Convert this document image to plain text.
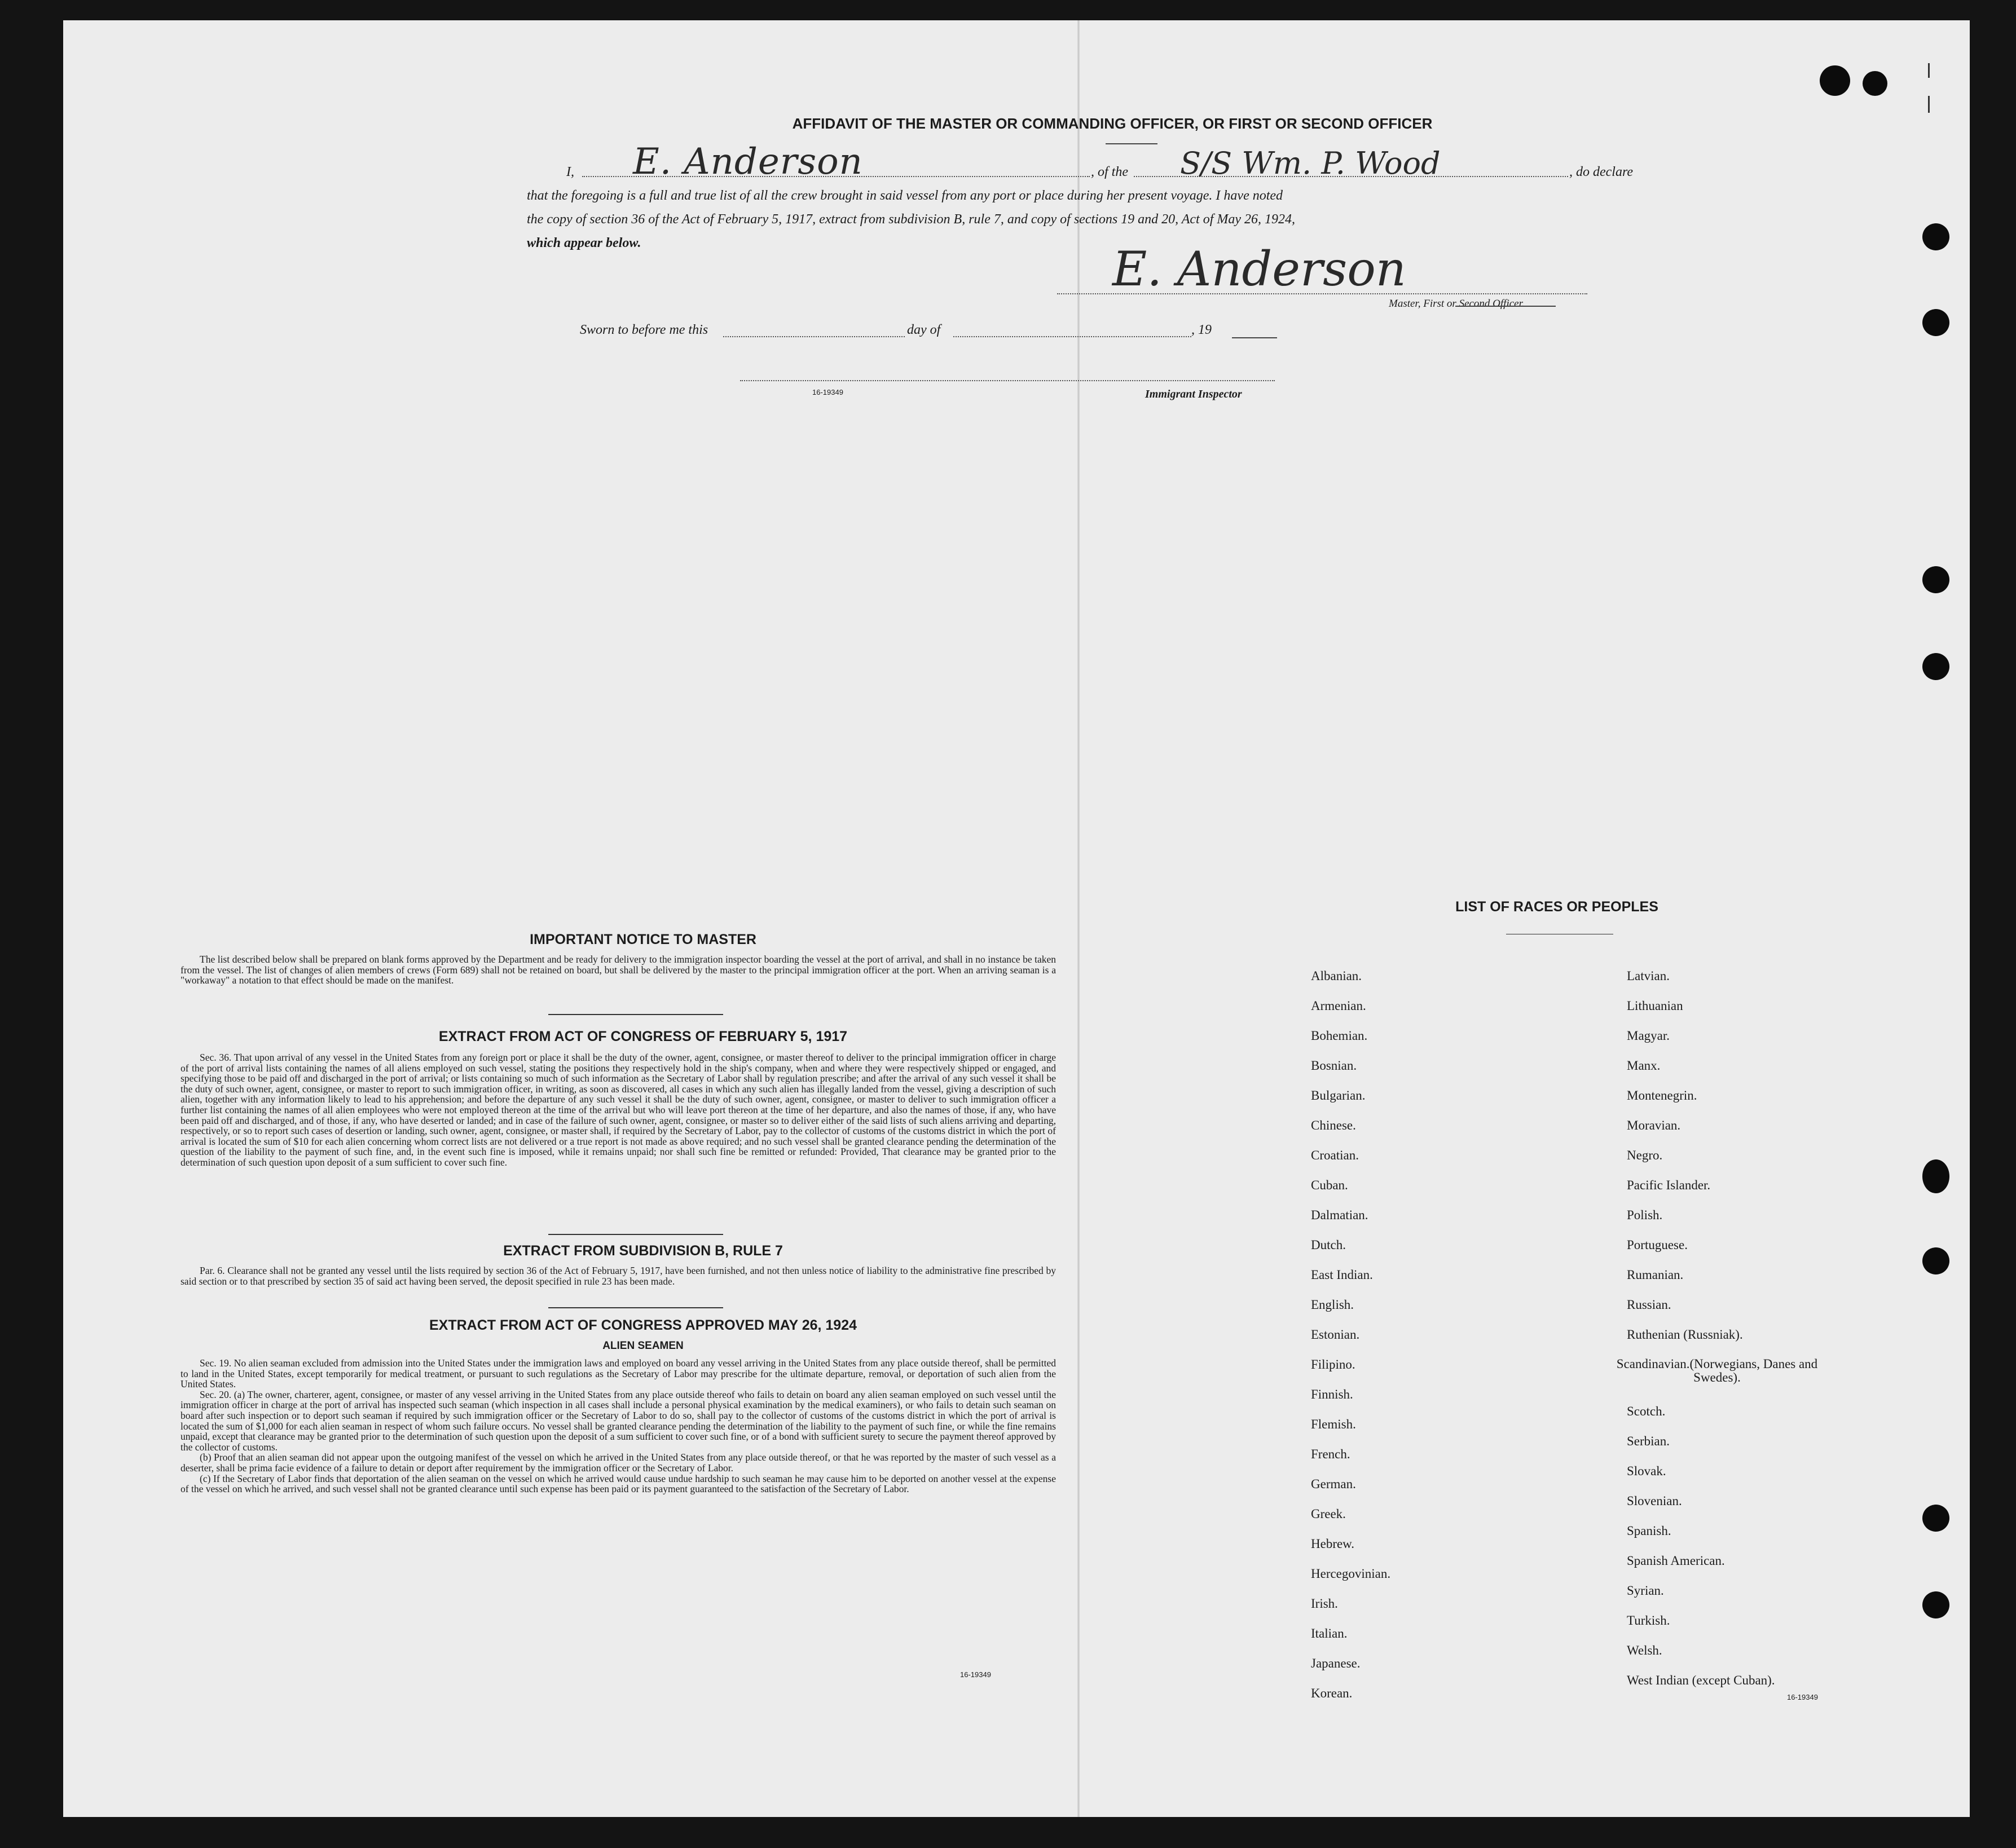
AFFIDAVIT OF THE MASTER OR COMMANDING OFFICER, OR FIRST OR SECOND OFFICER
I, E. Anderson	, of the S/S Wm. P. Wood	, do declare
that the foregoing is a full and true list of all the crew brought in said vessel from any port or place during her present voyage. I have noted
the copy of section 36 of the Act of February 5, 1917, extract from subdivision B, rule 7, and copy of sections 19 and 20, Act of May 26, 1924,
which appear below.	E. Anderson
Master, First or Second Officer.
Sworn to before me this	day of	, 19
16-19349	Immigrant Inspector
IMPORTANT NOTICE TO MASTER
The list described below shall be prepared on blank forms approved by the Department and be ready for delivery to the immigration inspector boarding the vessel at the port of arrival, and shall in no instance be taken from the vessel. The list of changes of alien members of crews (Form 689) shall not be retained on board, but shall be delivered by the master to the principal immigration officer at the port. When an arriving seaman is a "workaway" a notation to that effect should be made on the manifest.
EXTRACT FROM ACT OF CONGRESS OF FEBRUARY 5, 1917
Sec. 36. That upon arrival of any vessel in the United States from any foreign port or place it shall be the duty of the owner, agent, consignee, or master thereof to deliver to the principal immigration officer in charge of the port of arrival lists containing the names of all aliens employed on such vessel, stating the positions they respectively hold in the ship's company, when and where they were respectively shipped or engaged, and specifying those to be paid off and discharged in the port of arrival; or lists containing so much of such information as the Secretary of Labor shall by regulation prescribe; and after the arrival of any such vessel it shall be the duty of such owner, agent, consignee, or master to report to such immigration officer, in writing, as soon as discovered, all cases in which any such alien has illegally landed from the vessel, giving a description of such alien, together with any information likely to lead to his apprehension; and before the departure of any such vessel it shall be the duty of such owner, agent, consignee, or master to deliver to such immigration officer a further list containing the names of all alien employees who were not employed thereon at the time of the arrival but who will leave port thereon at the time of her departure, and also the names of those, if any, who have been paid off and discharged, and of those, if any, who have deserted or landed; and in case of the failure of such owner, agent, consignee, or master so to deliver either of the said lists of such aliens arriving and departing, respectively, or so to report such cases of desertion or landing, such owner, agent, consignee, or master shall, if required by the Secretary of Labor, pay to the collector of customs of the customs district in which the port of arrival is located the sum of $10 for each alien concerning whom correct lists are not delivered or a true report is not made as above required; and no such vessel shall be granted clearance pending the determination of the question of the liability to the payment of such fine, and, in the event such fine is imposed, while it remains unpaid; nor shall such fine be remitted or refunded: Provided, That clearance may be granted prior to the determination of such question upon deposit of a sum sufficient to cover such fine.
EXTRACT FROM SUBDIVISION B, RULE 7
Par. 6. Clearance shall not be granted any vessel until the lists required by section 36 of the Act of February 5, 1917, have been furnished, and not then unless notice of liability to the administrative fine prescribed by said section or to that prescribed by section 35 of said act having been served, the deposit specified in rule 23 has been made.
EXTRACT FROM ACT OF CONGRESS APPROVED MAY 26, 1924
ALIEN SEAMEN
Sec. 19. No alien seaman excluded from admission into the United States under the immigration laws and employed on board any vessel arriving in the United States from any place outside thereof, shall be permitted to land in the United States, except temporarily for medical treatment, or pursuant to such regulations as the Secretary of Labor may prescribe for the ultimate departure, removal, or deportation of such alien from the United States.
Sec. 20. (a) The owner, charterer, agent, consignee, or master of any vessel arriving in the United States from any place outside thereof who fails to detain on board any alien seaman employed on such vessel until the immigration officer in charge at the port of arrival has inspected such seaman (which inspection in all cases shall include a personal physical examination by the medical examiners), or who fails to detain such seaman on board after such inspection or to deport such seaman if required by such immigration officer or the Secretary of Labor to do so, shall pay to the collector of customs of the customs district in which the port of arrival is located the sum of $1,000 for each alien seaman in respect of whom such failure occurs. No vessel shall be granted clearance pending the determination of the liability to the payment of such fine, or while the fine remains unpaid, except that clearance may be granted prior to the determination of such question upon the deposit of a sum sufficient to cover such fine, or of a bond with sufficient surety to secure the payment thereof approved by the collector of customs.
(b) Proof that an alien seaman did not appear upon the outgoing manifest of the vessel on which he arrived in the United States from any place outside thereof, or that he was reported by the master of such vessel as a deserter, shall be prima facie evidence of a failure to detain or deport after requirement by the immigration officer or the Secretary of Labor.
(c) If the Secretary of Labor finds that deportation of the alien seaman on the vessel on which he arrived would cause undue hardship to such seaman he may cause him to be deported on another vessel at the expense of the vessel on which he arrived, and such vessel shall not be granted clearance until such expense has been paid or its payment guaranteed to the satisfaction of the Secretary of Labor.
16-19349
LIST OF RACES OR PEOPLES
Albanian.
Armenian.
Bohemian.
Bosnian.
Bulgarian.
Chinese.
Croatian.
Cuban.
Dalmatian.
Dutch.
East Indian.
English.
Estonian.
Filipino.
Finnish.
Flemish.
French.
German.
Greek.
Hebrew.
Hercegovinian.
Irish.
Italian.
Japanese.
Korean.
Latvian.
Lithuanian
Magyar.
Manx.
Montenegrin.
Moravian.
Negro.
Pacific Islander.
Polish.
Portuguese.
Rumanian.
Russian.
Ruthenian (Russniak).
Scandinavian.(Norwegians, Danes and Swedes).
Scotch.
Serbian.
Slovak.
Slovenian.
Spanish.
Spanish American.
Syrian.
Turkish.
Welsh.
West Indian (except Cuban).
16-19349
